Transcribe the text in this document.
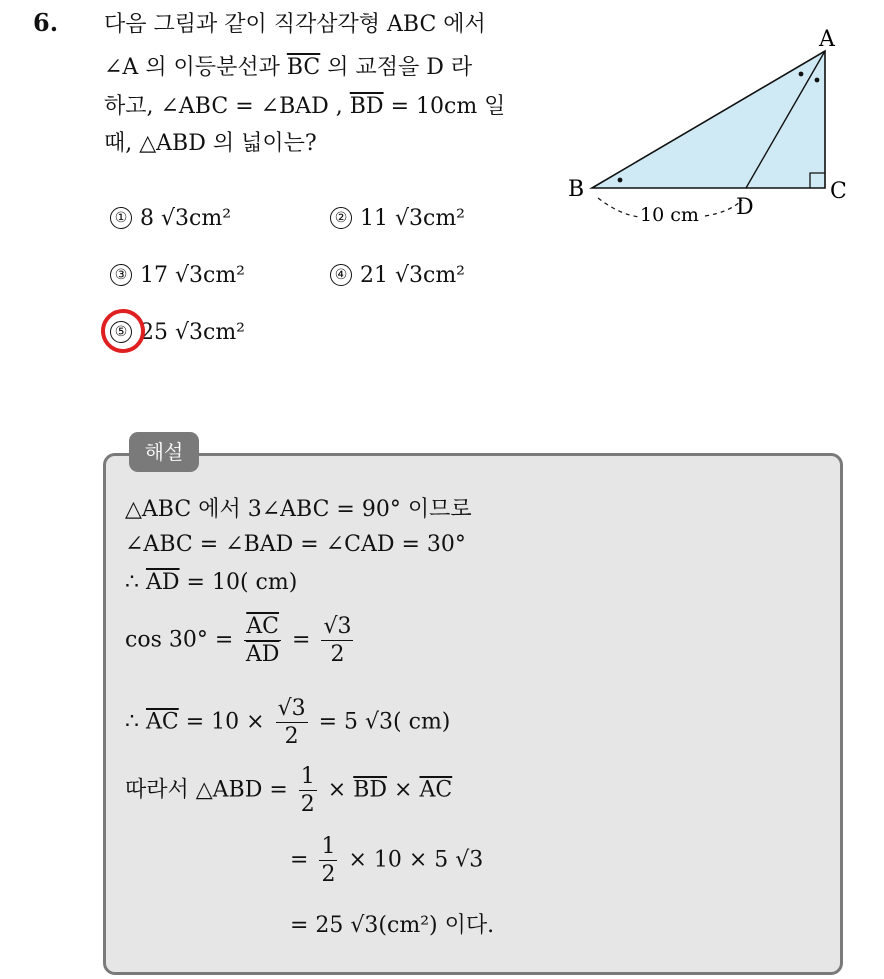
6. 다음 그림과 같이 직각삼각형 ABC 에서
∠A 의 이등분선과 $\overline{BC}$ 의 교점을 D 라
하고, ∠ABC = ∠BAD , $\overline{BD} = 10cm$ 일
때, △ABD 의 넓이는?
① 8 √3cm²	② 11 √3cm²
③ 17 √3cm²	④ 21 √3cm²
⑤ 25 √3cm²
A
B	C
D
10 cm
해설
△ABC 에서 3∠ABC = 90° 이므로
∠ABC = ∠BAD = ∠CAD = 30°
∴ $\overline{AD} = 10$( cm)
$\cos 30^\circ = \frac{\overline{AC}}{AD} = \frac{√3}{2}$
∴ $\overline{AC} = 10 \times \frac{√3}{2} = 5$ √3( cm)
따라서 △ABD = $\frac{1}{2} \times \overline{BD} \times \overline{AC}$
= $\frac{1}{2} \times 10 \times 5$ √3
= 25 √3(cm²) 이다.
